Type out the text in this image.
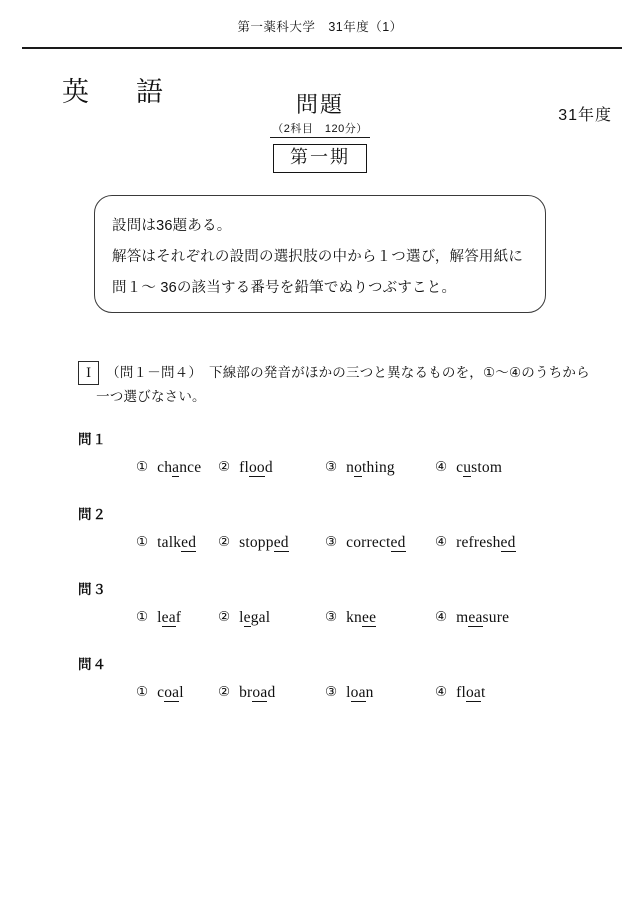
第一薬科大学　31年度（1）
英　語	問題
（2科目　120分）
第一期
31年度
設問は36題ある。
解答はそれぞれの設問の選択肢の中から１つ選び，解答用紙に
問１～ 36の該当する番号を鉛筆でぬりつぶすこと。
Ⅰ （問１－問４）　下線部の発音がほかの三つと異なるものを，①～④のうちから
一つ選びなさい。
問１
① chance ② flood	③ nothing	④ custom
問２
① talked ② stopped	③ corrected ④ refreshed
問３
① leaf	② legal	③ knee	④ measure
問４
① coal	② broad	③ loan	④ float
